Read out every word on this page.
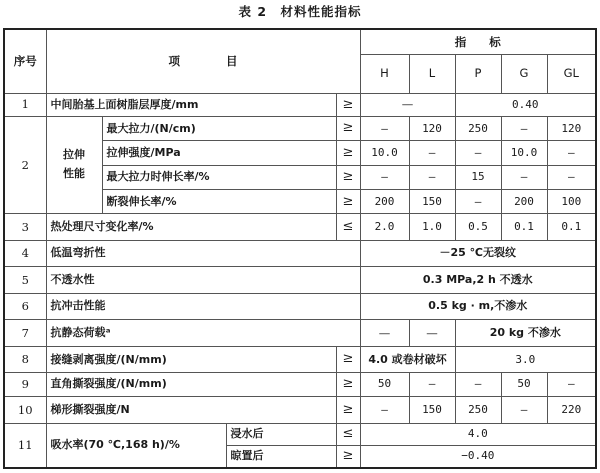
表 2　材料性能指标
序号	项　　　　目				指　　标				
					H	L	P	G	GL
1	中间胎基上面树脂层厚度/mm			≥	—		0.40		
2	拉伸性能	最大拉力/(N/cm)		≥	—	120	250	—	120
		拉伸强度/MPa		≥	10.0	—	—	10.0	—
		最大拉力时伸长率/%		≥	—	—	15	—	—
		断裂伸长率/%		≥	200	150	—	200	100
3	热处理尺寸变化率/%			≤	2.0	1.0	0.5	0.1	0.1
4	低温弯折性				－25 ℃无裂纹				
5	不透水性				0.3 MPa,2 h 不透水				
6	抗冲击性能				0.5 kg · m,不渗水				
7	抗静态荷载ᵃ				—	—	20 kg 不渗水		
8	接缝剥离强度/(N/mm)			≥	4.0 或卷材破坏		3.0		
9	直角撕裂强度/(N/mm)			≥	50	—	—	50	—
10	梯形撕裂强度/N			≥	—	150	250	—	220
11	吸水率(70 ℃,168 h)/%		浸水后	≤	4.0				
			晾置后	≥	−0.40				
